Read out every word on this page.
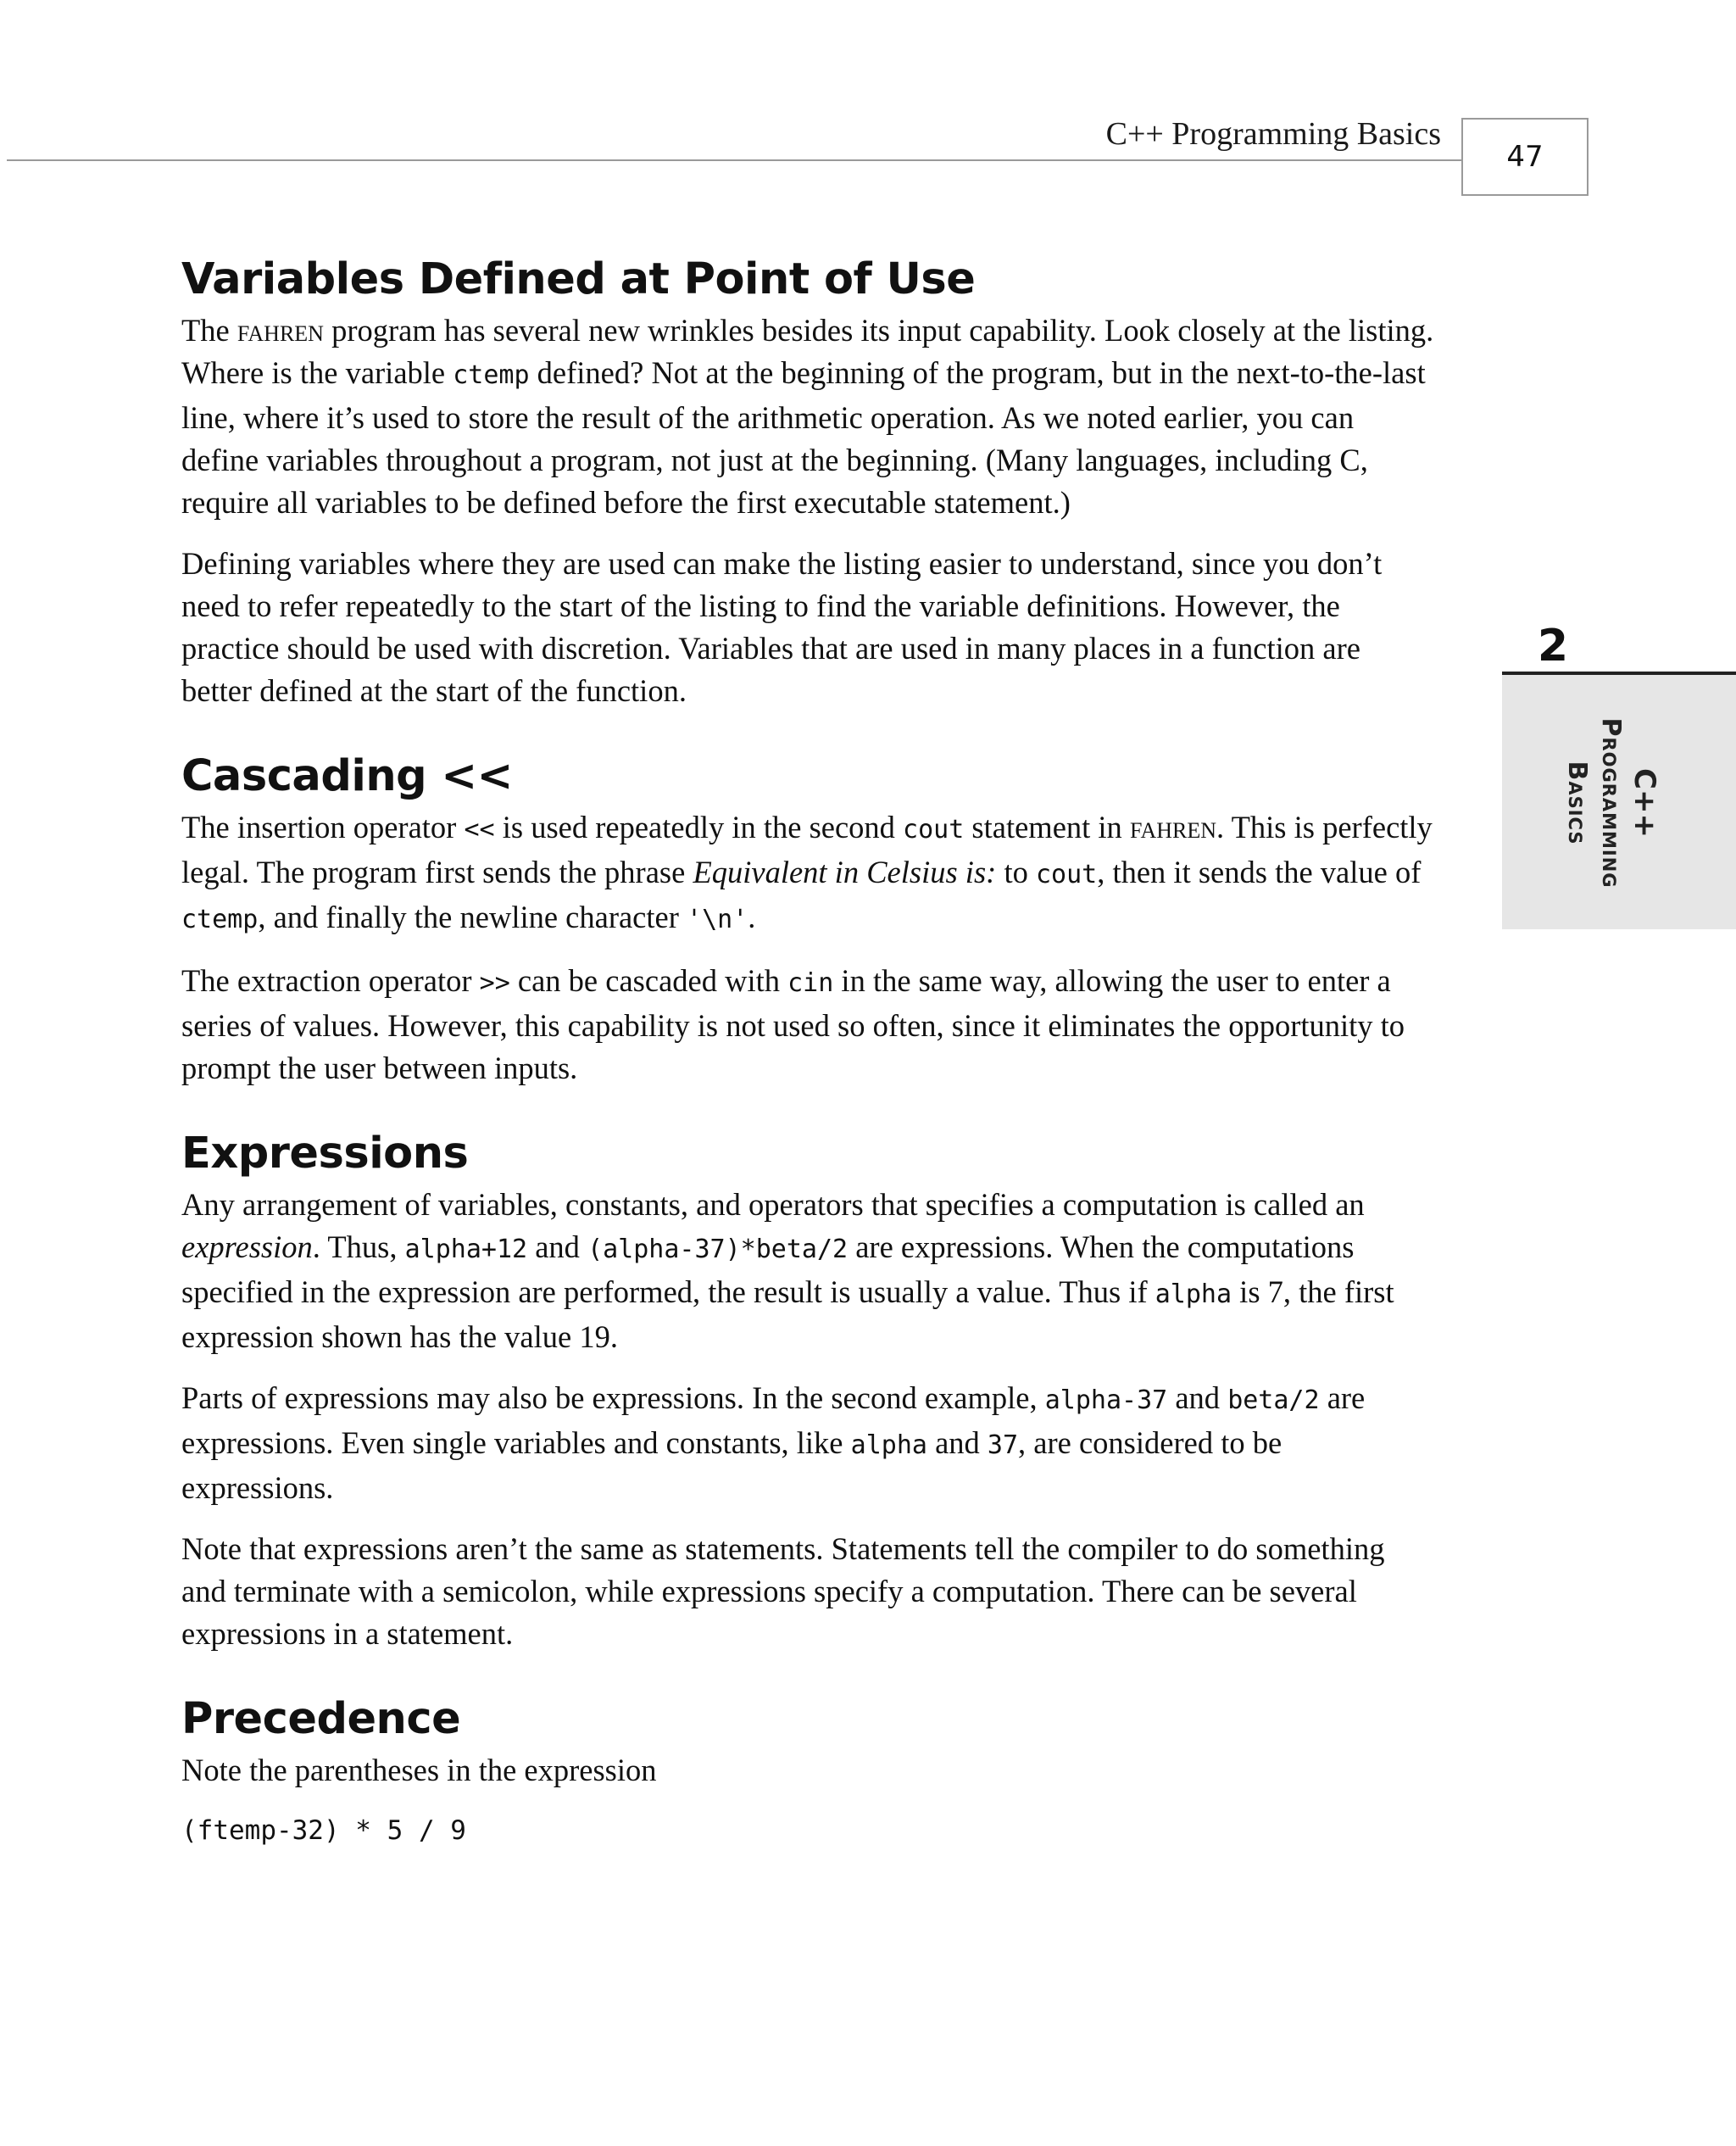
C++ Programming Basics
47
2
C++
Programming
Basics
Variables Defined at Point of Use

The fahren program has several new wrinkles besides its input capability. Look closely at the listing. Where is the variable ctemp defined? Not at the beginning of the program, but in the next-to-the-last line, where it’s used to store the result of the arithmetic operation. As we noted earlier, you can define variables throughout a program, not just at the beginning. (Many languages, including C, require all variables to be defined before the first executable statement.)

Defining variables where they are used can make the listing easier to understand, since you don’t need to refer repeatedly to the start of the listing to find the variable definitions. However, the practice should be used with discretion. Variables that are used in many places in a function are better defined at the start of the function.

Cascading <<

The insertion operator << is used repeatedly in the second cout statement in fahren. This is perfectly legal. The program first sends the phrase Equivalent in Celsius is: to cout, then it sends the value of ctemp, and finally the newline character '\n'.

The extraction operator >> can be cascaded with cin in the same way, allowing the user to enter a series of values. However, this capability is not used so often, since it eliminates the opportunity to prompt the user between inputs.

Expressions

Any arrangement of variables, constants, and operators that specifies a computation is called an expression. Thus, alpha+12 and (alpha-37)*beta/2 are expressions. When the computations specified in the expression are performed, the result is usually a value. Thus if alpha is 7, the first expression shown has the value 19.

Parts of expressions may also be expressions. In the second example, alpha-37 and beta/2 are expressions. Even single variables and constants, like alpha and 37, are considered to be expressions.

Note that expressions aren’t the same as statements. Statements tell the compiler to do something and terminate with a semicolon, while expressions specify a computation. There can be several expressions in a statement.

Precedence

Note the parentheses in the expression

(ftemp-32) * 5 / 9
